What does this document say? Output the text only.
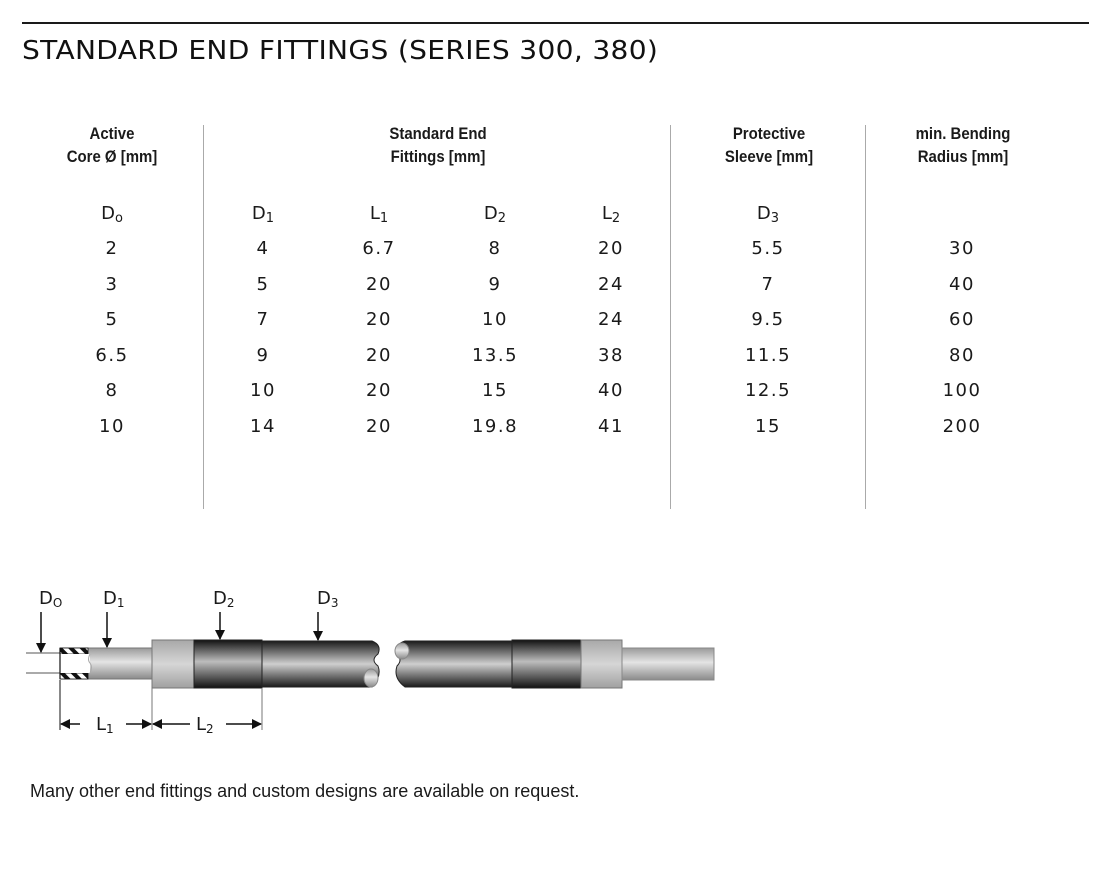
STANDARD END FITTINGS (SERIES 300, 380)
Active
Core Ø [mm]
Standard End
Fittings [mm]
Protective
Sleeve [mm]
min. Bending
Radius [mm]
$D_o$	$D_1$	$L_1$	$D_2$	$L_2$	$D_3$
2	4	6.7	8	20	5.5	30
3	5	20	9	24	7	40
5	7	20	10	24	9.5	60
6.5	9	20	13.5	38	11.5	80
8	10	20	15	40	12.5	100
10	14	20	19.8	41	15	200
DO D1	D2	D3
L1	L2
Many other end fittings and custom designs are available on request.
